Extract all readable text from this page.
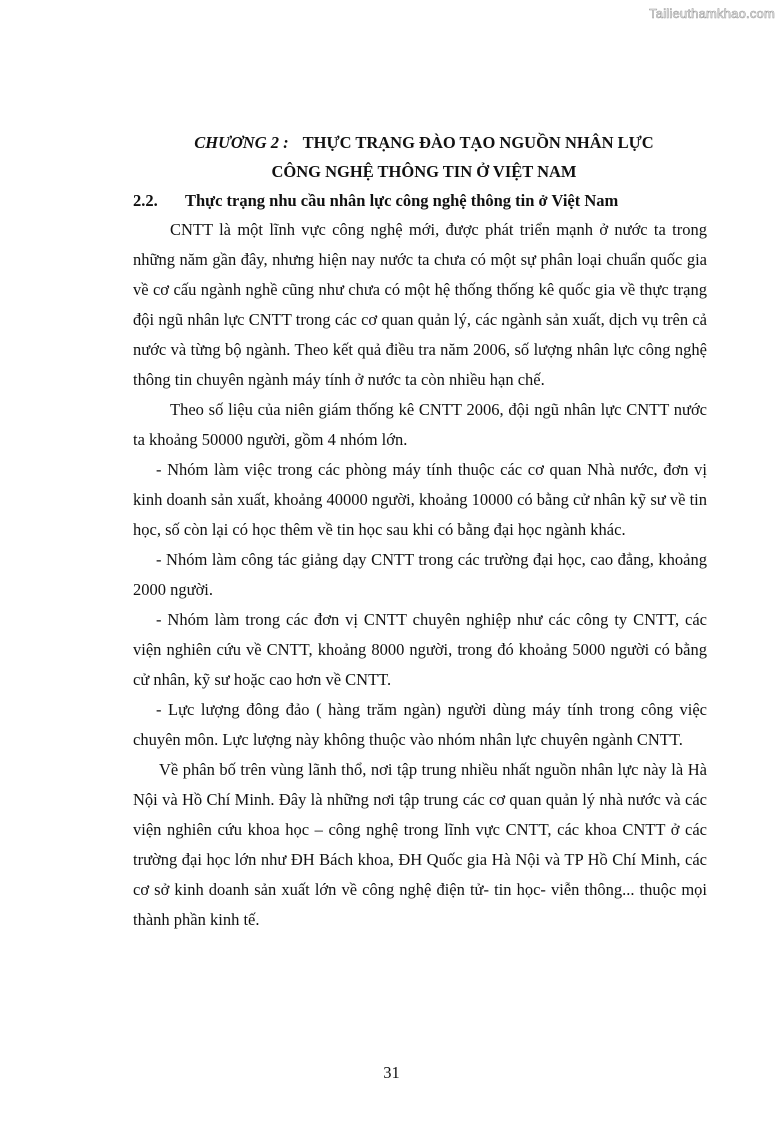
Tailieuthamkhao.com
CHƯƠNG 2 : THỰC TRẠNG ĐÀO TẠO NGUỒN NHÂN LỰC
CÔNG NGHỆ THÔNG TIN Ở VIỆT NAM
2.2.	Thực trạng nhu cầu nhân lực công nghệ thông tin ở Việt Nam

CNTT là một lĩnh vực công nghệ mới, được phát triển mạnh ở nước ta trong những năm gần đây, nhưng hiện nay nước ta chưa có một sự phân loại chuẩn quốc gia về cơ cấu ngành nghề cũng như chưa có một hệ thống thống kê quốc gia về thực trạng đội ngũ nhân lực CNTT trong các cơ quan quản lý, các ngành sản xuất, dịch vụ trên cả nước và từng bộ ngành. Theo kết quả điều tra năm 2006, số lượng nhân lực công nghệ thông tin chuyên ngành máy tính ở nước ta còn nhiều hạn chế.

Theo số liệu của niên giám thống kê CNTT 2006, đội ngũ nhân lực CNTT nước ta khoảng 50000 người, gồm 4 nhóm lớn.

- Nhóm làm việc trong các phòng máy tính thuộc các cơ quan Nhà nước, đơn vị kinh doanh sản xuất, khoảng 40000 người, khoảng 10000 có bằng cử nhân kỹ sư về tin học, số còn lại có học thêm về tin học sau khi có bằng đại học ngành khác.

- Nhóm làm công tác giảng dạy CNTT trong các trường đại học, cao đẳng, khoảng 2000 người.

- Nhóm làm trong các đơn vị CNTT chuyên nghiệp như các công ty CNTT, các viện nghiên cứu về CNTT, khoảng 8000 người, trong đó khoảng 5000 người có bằng cử nhân, kỹ sư hoặc cao hơn về CNTT.

- Lực lượng đông đảo ( hàng trăm ngàn) người dùng máy tính trong công việc chuyên môn. Lực lượng này không thuộc vào nhóm nhân lực chuyên ngành CNTT.

Về phân bố trên vùng lãnh thổ, nơi tập trung nhiều nhất nguồn nhân lực này là Hà Nội và Hồ Chí Minh. Đây là những nơi tập trung các cơ quan quản lý nhà nước và các viện nghiên cứu khoa học – công nghệ trong lĩnh vực CNTT, các khoa CNTT ở các trường đại học lớn như ĐH Bách khoa, ĐH Quốc gia Hà Nội và TP Hồ Chí Minh, các cơ sở kinh doanh sản xuất lớn về công nghệ điện tử- tin học- viễn thông... thuộc mọi thành phần kinh tế.

31
